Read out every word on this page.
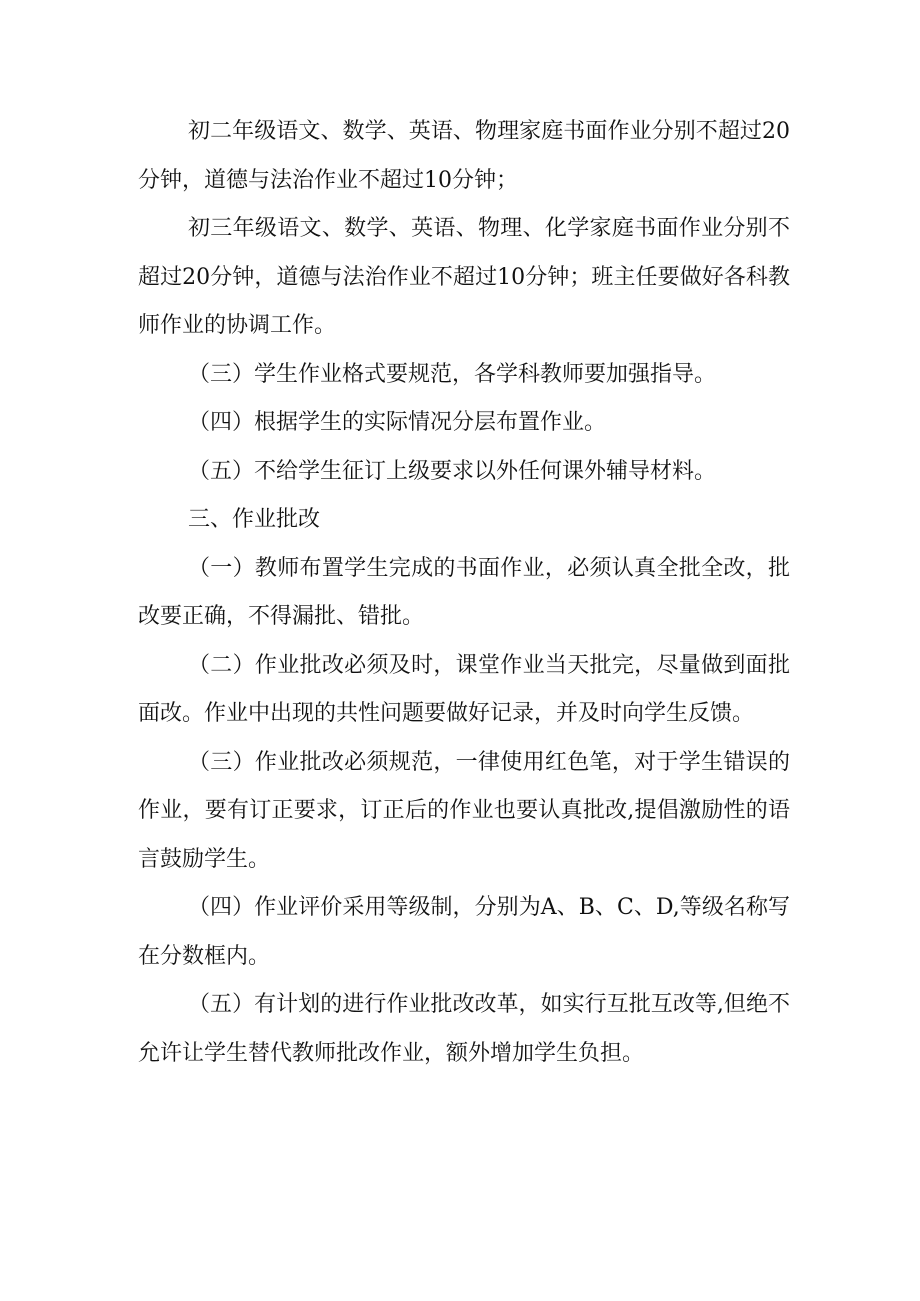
初二年级语文、数学、英语、物理家庭书面作业分别不超过20分钟，道德与法治作业不超过10分钟；

初三年级语文、数学、英语、物理、化学家庭书面作业分别不超过20分钟，道德与法治作业不超过10分钟；班主任要做好各科教师作业的协调工作。

（三）学生作业格式要规范，各学科教师要加强指导。

（四）根据学生的实际情况分层布置作业。

（五）不给学生征订上级要求以外任何课外辅导材料。

三、作业批改

（一）教师布置学生完成的书面作业，必须认真全批全改，批改要正确，不得漏批、错批。

（二）作业批改必须及时，课堂作业当天批完，尽量做到面批面改。作业中出现的共性问题要做好记录，并及时向学生反馈。

（三）作业批改必须规范，一律使用红色笔，对于学生错误的作业，要有订正要求，订正后的作业也要认真批改,提倡激励性的语言鼓励学生。

（四）作业评价采用等级制，分别为A、B、C、D,等级名称写在分数框内。

（五）有计划的进行作业批改改革，如实行互批互改等,但绝不允许让学生替代教师批改作业，额外增加学生负担。
